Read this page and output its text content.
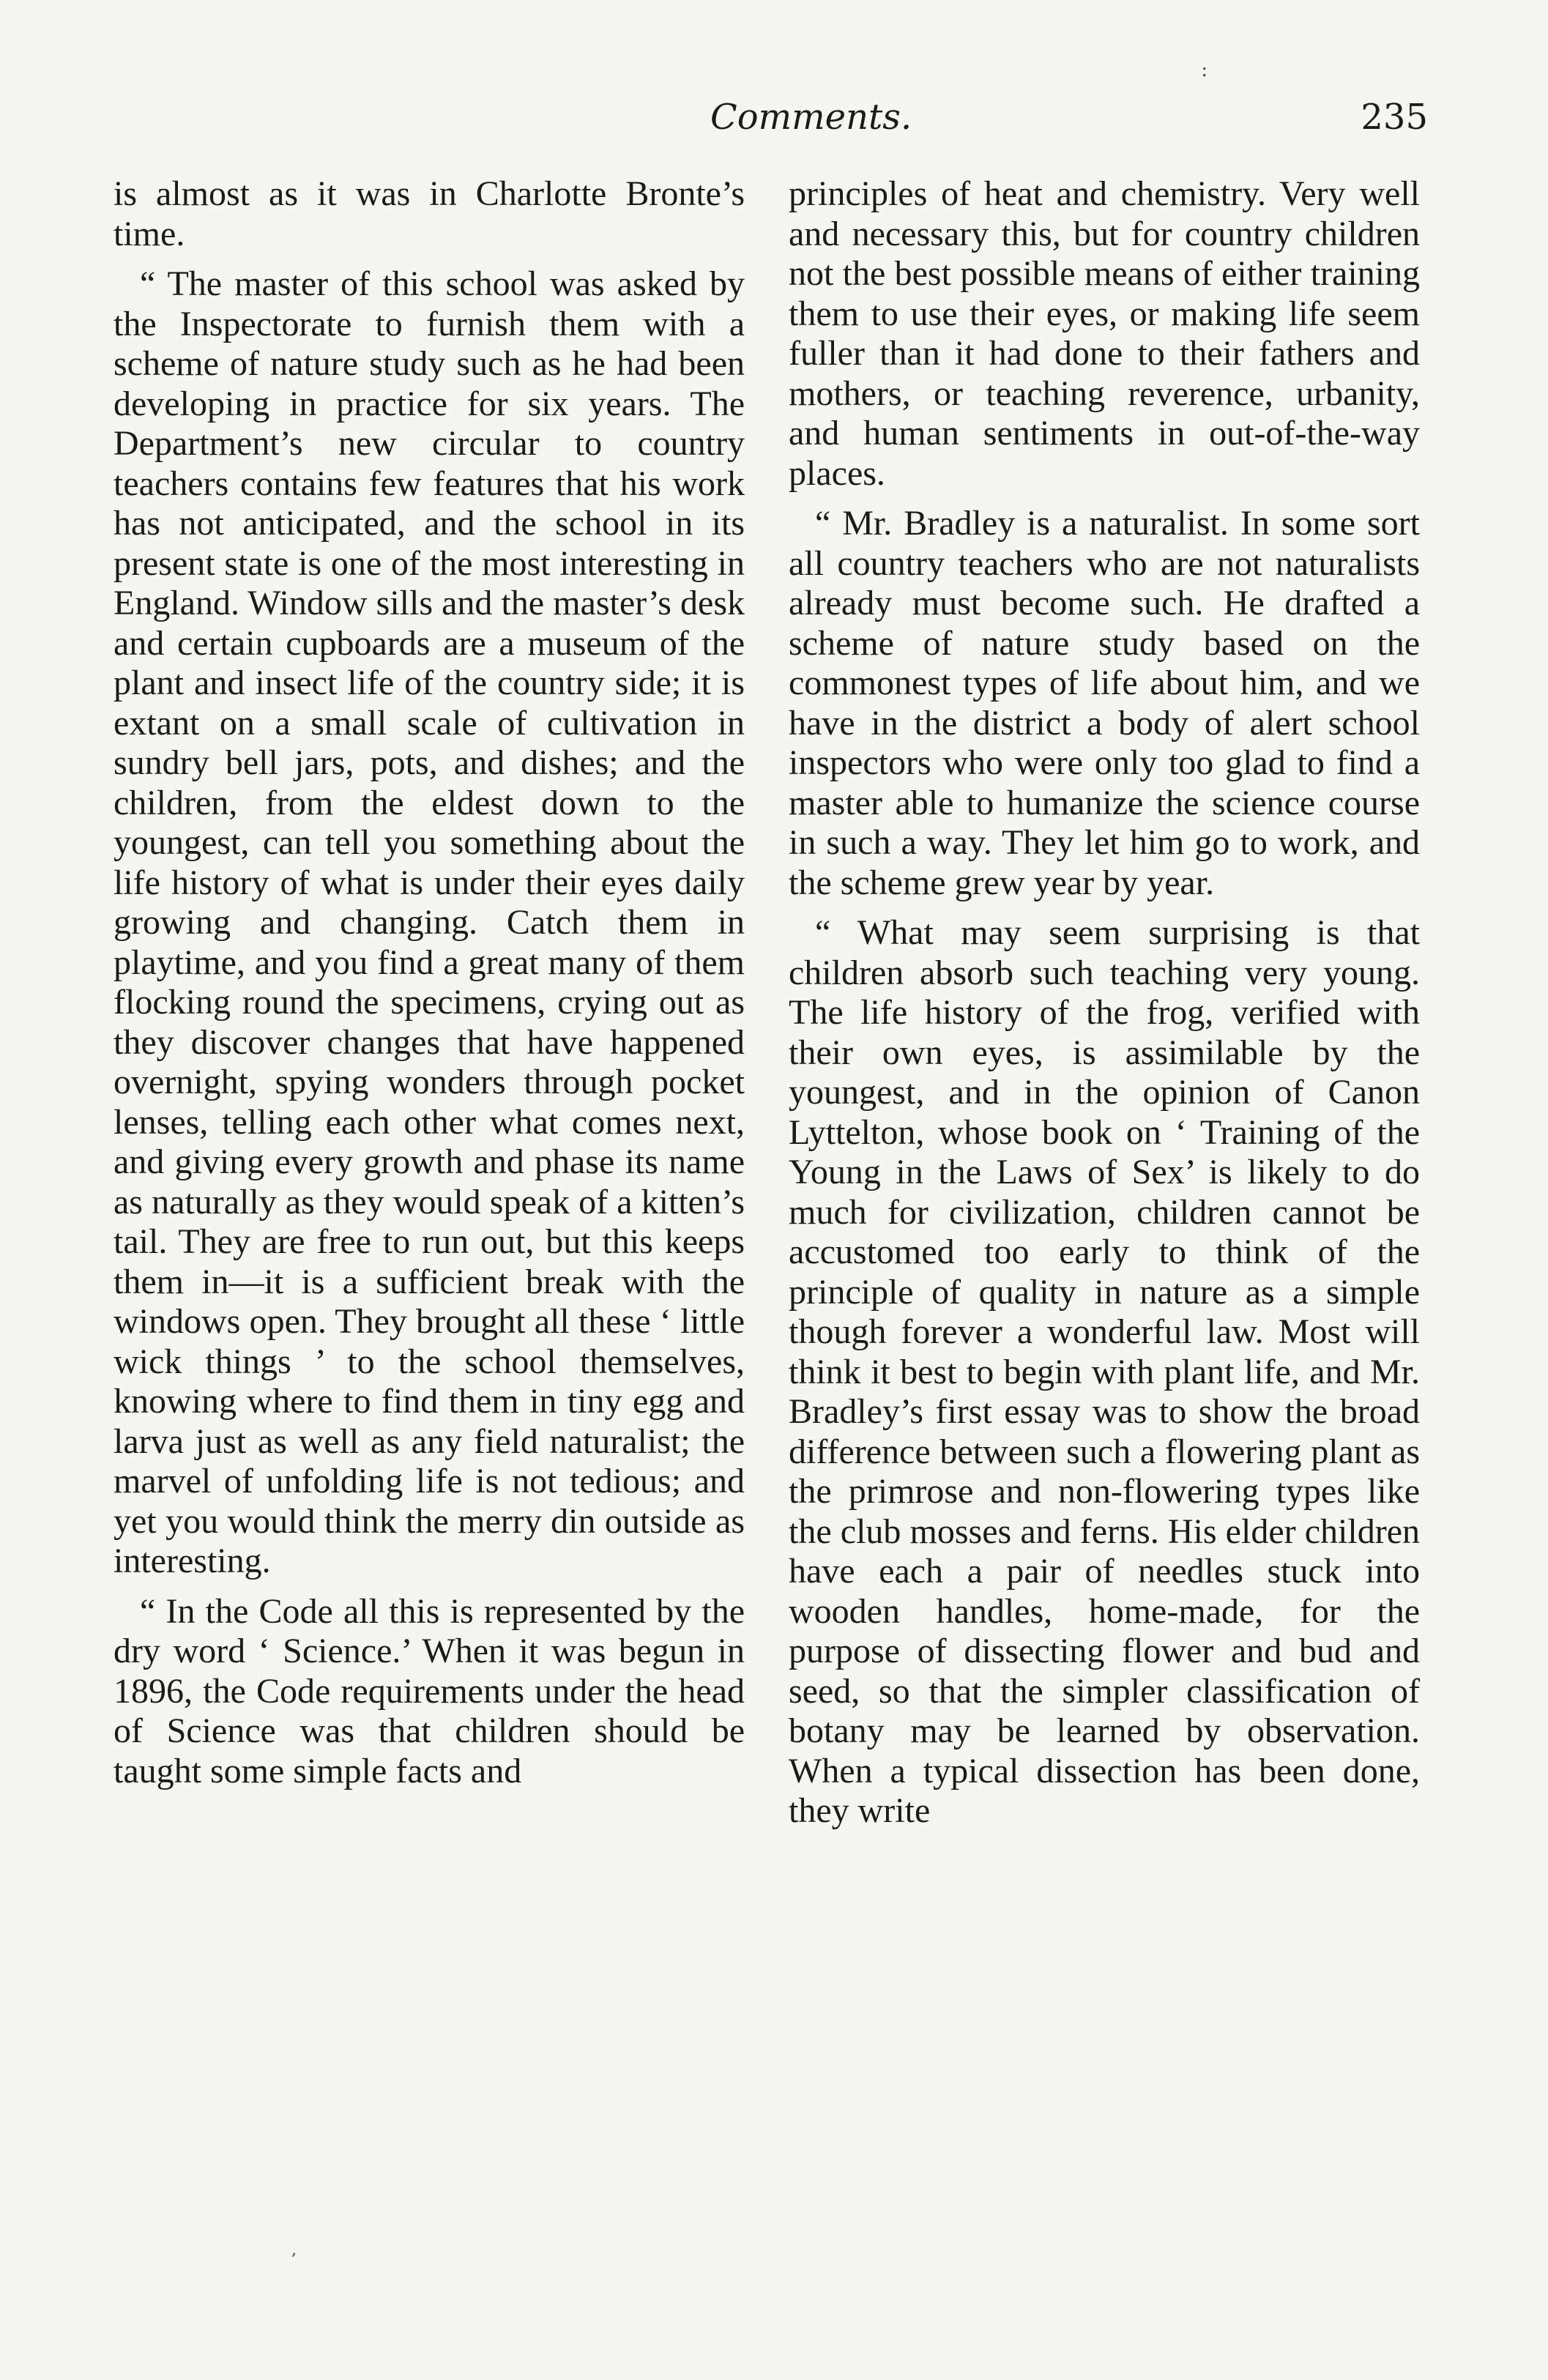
:
Comments.	235

is almost as it was in Charlotte Bronte’s time.

“ The master of this school was asked by the Inspectorate to furnish them with a scheme of nature study such as he had been developing in practice for six years. The Department’s new circular to country teachers contains few features that his work has not anticipated, and the school in its present state is one of the most interesting in England. Window sills and the master’s desk and certain cupboards are a museum of the plant and insect life of the country side; it is extant on a small scale of cultivation in sundry bell jars, pots, and dishes; and the children, from the eldest down to the youngest, can tell you something about the life history of what is under their eyes daily growing and changing. Catch them in playtime, and you find a great many of them flocking round the specimens, crying out as they discover changes that have happened overnight, spying wonders through pocket lenses, telling each other what comes next, and giving every growth and phase its name as naturally as they would speak of a kitten’s tail. They are free to run out, but this keeps them in—it is a sufficient break with the windows open. They brought all these ‘ little wick things ’ to the school themselves, knowing where to find them in tiny egg and larva just as well as any field naturalist; the marvel of unfolding life is not tedious; and yet you would think the merry din outside as interesting.

“ In the Code all this is represented by the dry word ‘ Science.’ When it was begun in 1896, the Code requirements under the head of Science was that children should be taught some simple facts and

principles of heat and chemistry. Very well and necessary this, but for country children not the best possible means of either training them to use their eyes, or making life seem fuller than it had done to their fathers and mothers, or teaching reverence, urbanity, and human sentiments in out-of-the-way places.

“ Mr. Bradley is a naturalist. In some sort all country teachers who are not naturalists already must become such. He drafted a scheme of nature study based on the commonest types of life about him, and we have in the district a body of alert school inspectors who were only too glad to find a master able to humanize the science course in such a way. They let him go to work, and the scheme grew year by year.

“ What may seem surprising is that children absorb such teaching very young. The life history of the frog, verified with their own eyes, is assimilable by the youngest, and in the opinion of Canon Lyttelton, whose book on ‘ Training of the Young in the Laws of Sex’ is likely to do much for civilization, children cannot be accustomed too early to think of the principle of quality in nature as a simple though forever a wonderful law. Most will think it best to begin with plant life, and Mr. Bradley’s first essay was to show the broad difference between such a flowering plant as the primrose and non-flowering types like the club mosses and ferns. His elder children have each a pair of needles stuck into wooden handles, home-made, for the purpose of dissecting flower and bud and seed, so that the simpler classification of botany may be learned by observation. When a typical dissection has been done, they write

,
